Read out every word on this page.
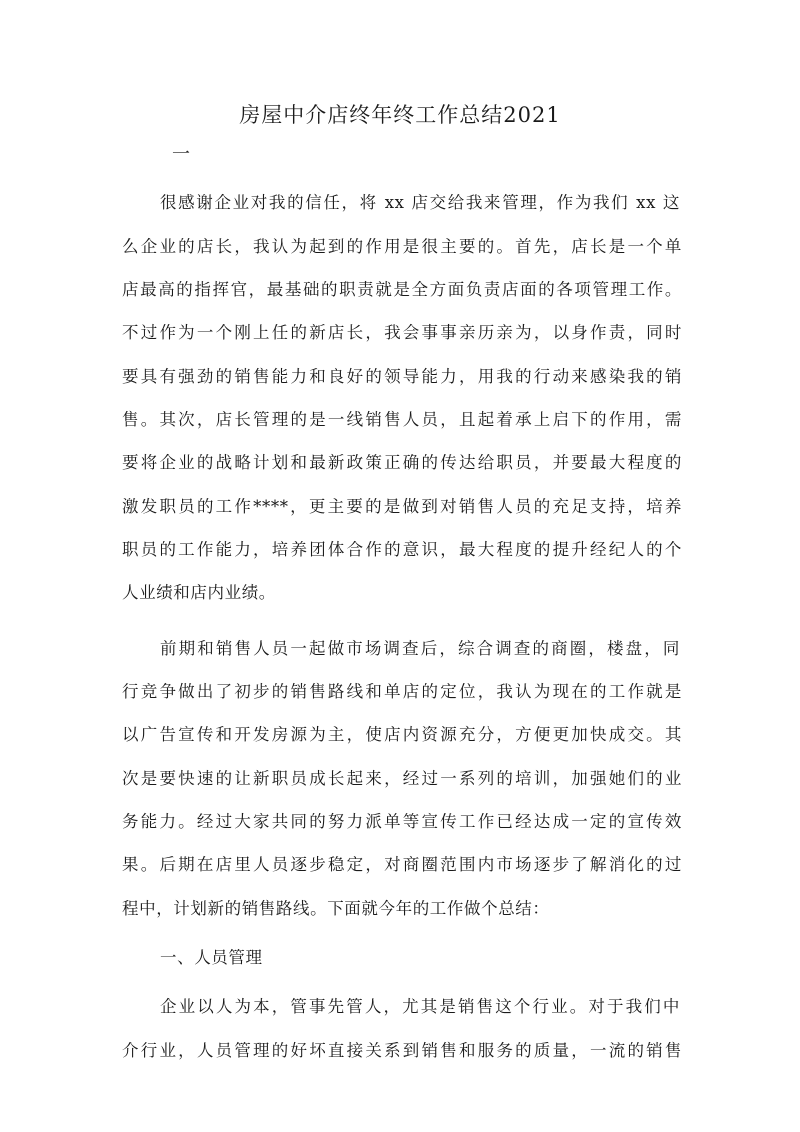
房屋中介店终年终工作总结2021
一
很感谢企业对我的信任，将 xx 店交给我来管理，作为我们 xx 这
么企业的店长，我认为起到的作用是很主要的。首先，店长是一个单
店最高的指挥官，最基础的职责就是全方面负责店面的各项管理工作。
不过作为一个刚上任的新店长，我会事事亲历亲为，以身作责，同时
要具有强劲的销售能力和良好的领导能力，用我的行动来感染我的销
售。其次，店长管理的是一线销售人员，且起着承上启下的作用，需
要将企业的战略计划和最新政策正确的传达给职员，并要最大程度的
激发职员的工作****，更主要的是做到对销售人员的充足支持，培养
职员的工作能力，培养团体合作的意识，最大程度的提升经纪人的个
人业绩和店内业绩。
前期和销售人员一起做市场调查后，综合调查的商圈，楼盘，同
行竞争做出了初步的销售路线和单店的定位，我认为现在的工作就是
以广告宣传和开发房源为主，使店内资源充分，方便更加快成交。其
次是要快速的让新职员成长起来，经过一系列的培训，加强她们的业
务能力。经过大家共同的努力派单等宣传工作已经达成一定的宣传效
果。后期在店里人员逐步稳定，对商圈范围内市场逐步了解消化的过
程中，计划新的销售路线。下面就今年的工作做个总结：
一、人员管理
企业以人为本，管事先管人，尤其是销售这个行业。对于我们中
介行业，人员管理的好坏直接关系到销售和服务的质量，一流的销售
